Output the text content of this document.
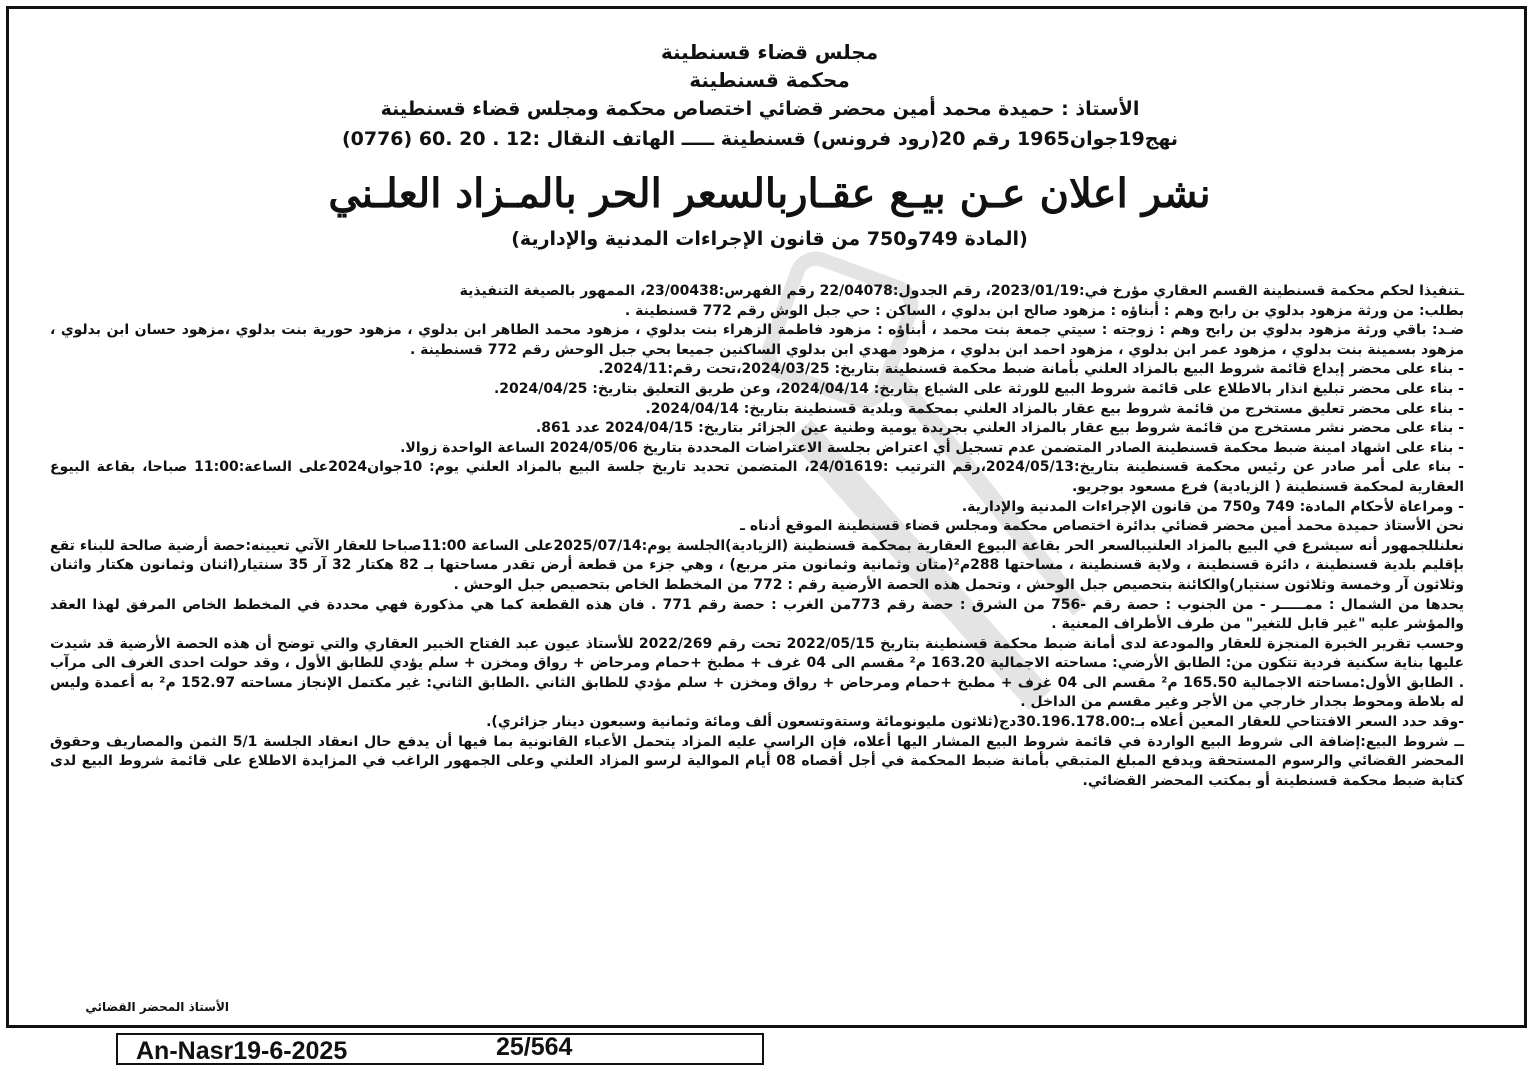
مجلس قضاء قسنطينة
محكمة قسنطينة
الأستاذ : حميدة محمد أمين محضر قضائي اختصاص محكمة ومجلس قضاء قسنطينة
نهج19جوان1965 رقم 20(رود فرونس) قسنطينة ـــــ الهاتف النقال :12 . 20 .60 (0776)
نشر اعلان عـن بيـع عقـاربالسعر الحر بالمـزاد العلـني
(المادة 749و750 من قانون الإجراءات المدنية والإدارية)

ـتنفيذا لحكم محكمة قسنطينة القسم العقاري مؤرخ في:2023/01/19، رقم الجدول:22/04078 رقم الفهرس:23/00438، الممهور بالصيغة التنفيذية

بطلب: من ورثة مزهود بدلوي بن رابح وهم : أبناؤه : مزهود صالح ابن بدلوي ، الساكن : حي جبل الوش رقم 772 قسنطينة .

ضـد: باقي ورثة مزهود بدلوي بن رابح وهم : زوجته : سيتي جمعة بنت محمد ، أبناؤه : مزهود فاطمة الزهراء بنت بدلوي ، مزهود محمد الطاهر ابن بدلوي ، مزهود حورية بنت بدلوي ،مزهود حسان ابن بدلوي ، مزهود بسمينة بنت بدلوي ، مزهود عمر ابن بدلوي ، مزهود احمد ابن بدلوي ، مزهود مهدي ابن بدلوي الساكنين جميعا بحي جبل الوحش رقم 772 قسنطينة .

- بناء على محضر إيداع قائمة شروط البيع بالمزاد العلني بأمانة ضبط محكمة قسنطينة بتاريخ: 2024/03/25،تحت رقم:2024/11.

- بناء على محضر تبليغ انذار بالاطلاع على قائمة شروط البيع للورثة على الشياع بتاريخ: 2024/04/14، وعن طريق التعليق بتاريخ: 2024/04/25.

- بناء على محضر تعليق مستخرج من قائمة شروط بيع عقار بالمزاد العلني بمحكمة وبلدية قسنطينة بتاريخ: 2024/04/14.

- بناء على محضر نشر مستخرج من قائمة شروط بيع عقار بالمزاد العلني بجريدة يومية وطنية عين الجزائر بتاريخ: 2024/04/15 عدد 861.

- بناء على اشهاد امينة ضبط محكمة قسنطينة الصادر المتضمن عدم تسجيل أي اعتراض بجلسة الاعتراضات المحددة بتاريخ 2024/05/06 الساعة الواحدة زوالا.

- بناء على أمر صادر عن رئيس محكمة قسنطينة بتاريخ:2024/05/13،رقم الترتيب :24/01619، المتضمن تحديد تاريخ جلسة البيع بالمزاد العلني يوم: 10جوان2024على الساعة:11:00 صباحا، بقاعة البيوع العقارية لمحكمة قسنطينة ( الزيادية) فرع مسعود بوجريو.

- ومراعاة لأحكام المادة: 749 و750 من قانون الإجراءات المدنية والإدارية.

نحن الأستاذ حميدة محمد أمين محضر قضائي بدائرة اختصاص محكمة ومجلس قضاء قسنطينة الموقع أدناه ـ

نعلنللجمهور أنه سيشرع في البيع بالمزاد العلنيبالسعر الحر بقاعة البيوع العقارية بمحكمة قسنطينة (الزيادية)الجلسة يوم:2025/07/14على الساعة 11:00صباحا للعقار الآتي تعيينه:حصة أرضية صالحة للبناء تقع بإقليم بلدية قسنطينة ، دائرة قسنطينة ، ولاية قسنطينة ، مساحتها 288م²(متان وثمانية وثمانون متر مربع) ، وهي جزء من قطعة أرض تقدر مساحتها بـ 82 هكتار 32 آر 35 سنتيار(اثنان وثمانون هكتار واثنان وثلاثون آر وخمسة وثلاثون سنتيار)والكائنة بتحصيص جبل الوحش ، وتحمل هذه الحصة الأرضية رقم : 772 من المخطط الخاص بتحصيص جبل الوحش .

يحدها من الشمال : ممـــــر - من الجنوب : حصة رقم -756 من الشرق : حصة رقم 773من الغرب : حصة رقم 771 . فان هذه القطعة كما هي مذكورة فهي محددة في المخطط الخاص المرفق لهذا العقد والمؤشر عليه "غير قابل للتغير" من طرف الأطراف المعنية .

وحسب تقرير الخبرة المنجزة للعقار والمودعة لدى أمانة ضبط محكمة قسنطينة بتاريخ 2022/05/15 تحت رقم 2022/269 للأستاذ عيون عبد الفتاح الخبير العقاري والتي توضح أن هذه الحصة الأرضية قد شيدت عليها بناية سكنية فردية تتكون من: الطابق الأرضي: مساحته الاجمالية 163.20 م² مقسم الى 04 غرف + مطبخ +حمام ومرحاض + رواق ومخزن + سلم يؤدي للطابق الأول ، وقد حولت احدى الغرف الى مرآب . الطابق الأول:مساحته الاجمالية 165.50 م² مقسم الى 04 غرف + مطبخ +حمام ومرحاض + رواق ومخزن + سلم مؤدي للطابق الثاني .الطابق الثاني: غير مكتمل الإنجاز مساحته 152.97 م² به أعمدة وليس له بلاطة ومحوط بجدار خارجي من الأجر وغير مقسم من الداخل .

-وقد حدد السعر الافتتاحي للعقار المعين أعلاه بـ:30.196.178.00دج(ثلاثون مليونومائة وستةوتسعون ألف ومائة وثمانية وسبعون دينار جزائري).

ــ شروط البيع:إضافة الى شروط البيع الواردة في قائمة شروط البيع المشار اليها أعلاه، فإن الراسي عليه المزاد يتحمل الأعباء القانونية بما فيها أن يدفع حال انعقاد الجلسة 5/1 الثمن والمصاريف وحقوق المحضر القضائي والرسوم المستحقة ويدفع المبلغ المتبقي بأمانة ضبط المحكمة في أجل أقصاه 08 أيام الموالية لرسو المزاد العلني وعلى الجمهور الراغب في المزايدة الاطلاع على قائمة شروط البيع لدى كتابة ضبط محكمة قسنطينة أو بمكتب المحضر القضائي.

الأستاذ المحضر القضائي
An-Nasr19-6-2025	25/564
